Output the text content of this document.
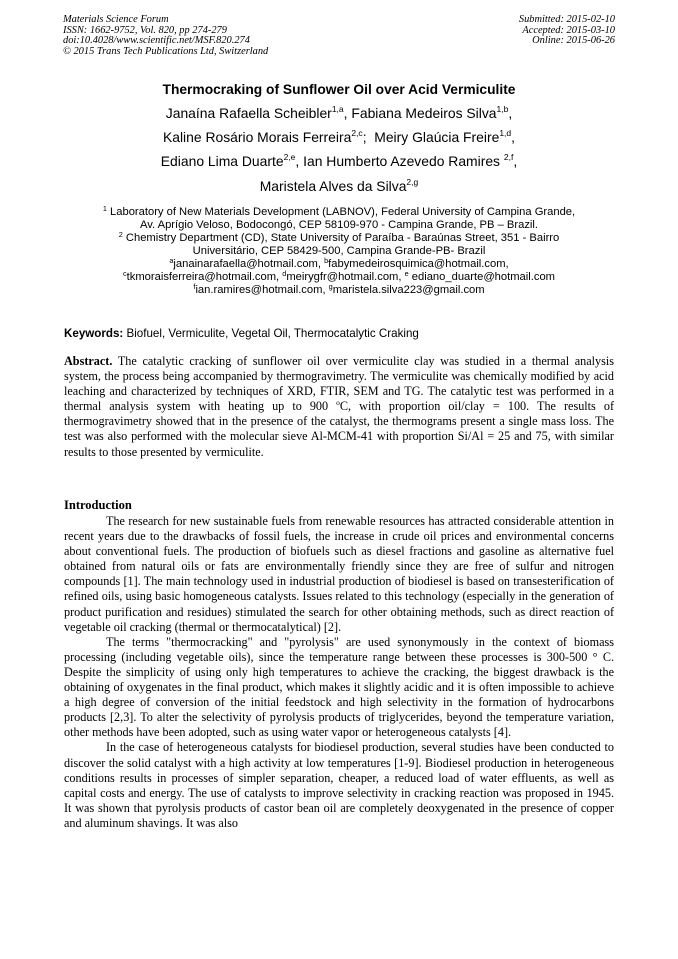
Materials Science Forum
ISSN: 1662-9752, Vol. 820, pp 274-279
doi:10.4028/www.scientific.net/MSF.820.274
© 2015 Trans Tech Publications Ltd, Switzerland
Submitted: 2015-02-10
Accepted: 2015-03-10
Online: 2015-06-26
Thermocraking of Sunflower Oil over Acid Vermiculite
Janaína Rafaella Scheibler$^{1,a}$, Fabiana Medeiros Silva$^{1,b}$,
Kaline Rosário Morais Ferreira$^{2,c}$;  Meiry Glaúcia Freire$^{1,d}$,
Ediano Lima Duarte$^{2,e}$, Ian Humberto Azevedo Ramires $^{2,f}$,
Maristela Alves da Silva$^{2,g}$
$^1$ Laboratory of New Materials Development (LABNOV), Federal University of Campina Grande,
Av. Aprígio Veloso, Bodocongó, CEP 58109-970 - Campina Grande, PB – Brazil.
$^2$ Chemistry Department (CD), State University of Paraíba - Baraúnas Street, 351 - Bairro
Universitário, CEP 58429-500, Campina Grande-PB- Brazil
$^a$janainarafaella@hotmail.com, $^b$fabymedeirosquimica@hotmail.com,
$^c$tkmoraisferreira@hotmail.com, $^d$meirygfr@hotmail.com, $^e$ ediano_duarte@hotmail.com
$^f$ian.ramires@hotmail.com, $^g$maristela.silva223@gmail.com
Keywords: Biofuel, Vermiculite, Vegetal Oil, Thermocatalytic Craking

Abstract. The catalytic cracking of sunflower oil over vermiculite clay was studied in a thermal analysis system, the process being accompanied by thermogravimetry. The vermiculite was chemically modified by acid leaching and characterized by techniques of XRD, FTIR, SEM and TG. The catalytic test was performed in a thermal analysis system with heating up to 900 $^o$C, with proportion oil/clay = 100. The results of thermogravimetry showed that in the presence of the catalyst, the thermograms present a single mass loss. The test was also performed with the molecular sieve Al-MCM-41 with proportion Si/Al = 25 and 75, with similar results to those presented by vermiculite.

Introduction

The research for new sustainable fuels from renewable resources has attracted considerable attention in recent years due to the drawbacks of fossil fuels, the increase in crude oil prices and environmental concerns about conventional fuels. The production of biofuels such as diesel fractions and gasoline as alternative fuel obtained from natural oils or fats are environmentally friendly since they are free of sulfur and nitrogen compounds [1]. The main technology used in industrial production of biodiesel is based on transesterification of refined oils, using basic homogeneous catalysts. Issues related to this technology (especially in the generation of product purification and residues) stimulated the search for other obtaining methods, such as direct reaction of vegetable oil cracking (thermal or thermocatalytical) [2].

The terms "thermocracking" and "pyrolysis" are used synonymously in the context of biomass processing (including vegetable oils), since the temperature range between these processes is 300-500 ° C. Despite the simplicity of using only high temperatures to achieve the cracking, the biggest drawback is the obtaining of oxygenates in the final product, which makes it slightly acidic and it is often impossible to achieve a high degree of conversion of the initial feedstock and high selectivity in the formation of hydrocarbons products [2,3]. To alter the selectivity of pyrolysis products of triglycerides, beyond the temperature variation, other methods have been adopted, such as using water vapor or heterogeneous catalysts [4].

In the case of heterogeneous catalysts for biodiesel production, several studies have been conducted to discover the solid catalyst with a high activity at low temperatures [1-9]. Biodiesel production in heterogeneous conditions results in processes of simpler separation, cheaper, a reduced load of water effluents, as well as capital costs and energy. The use of catalysts to improve selectivity in cracking reaction was proposed in 1945. It was shown that pyrolysis products of castor bean oil are completely deoxygenated in the presence of copper and aluminum shavings. It was also
